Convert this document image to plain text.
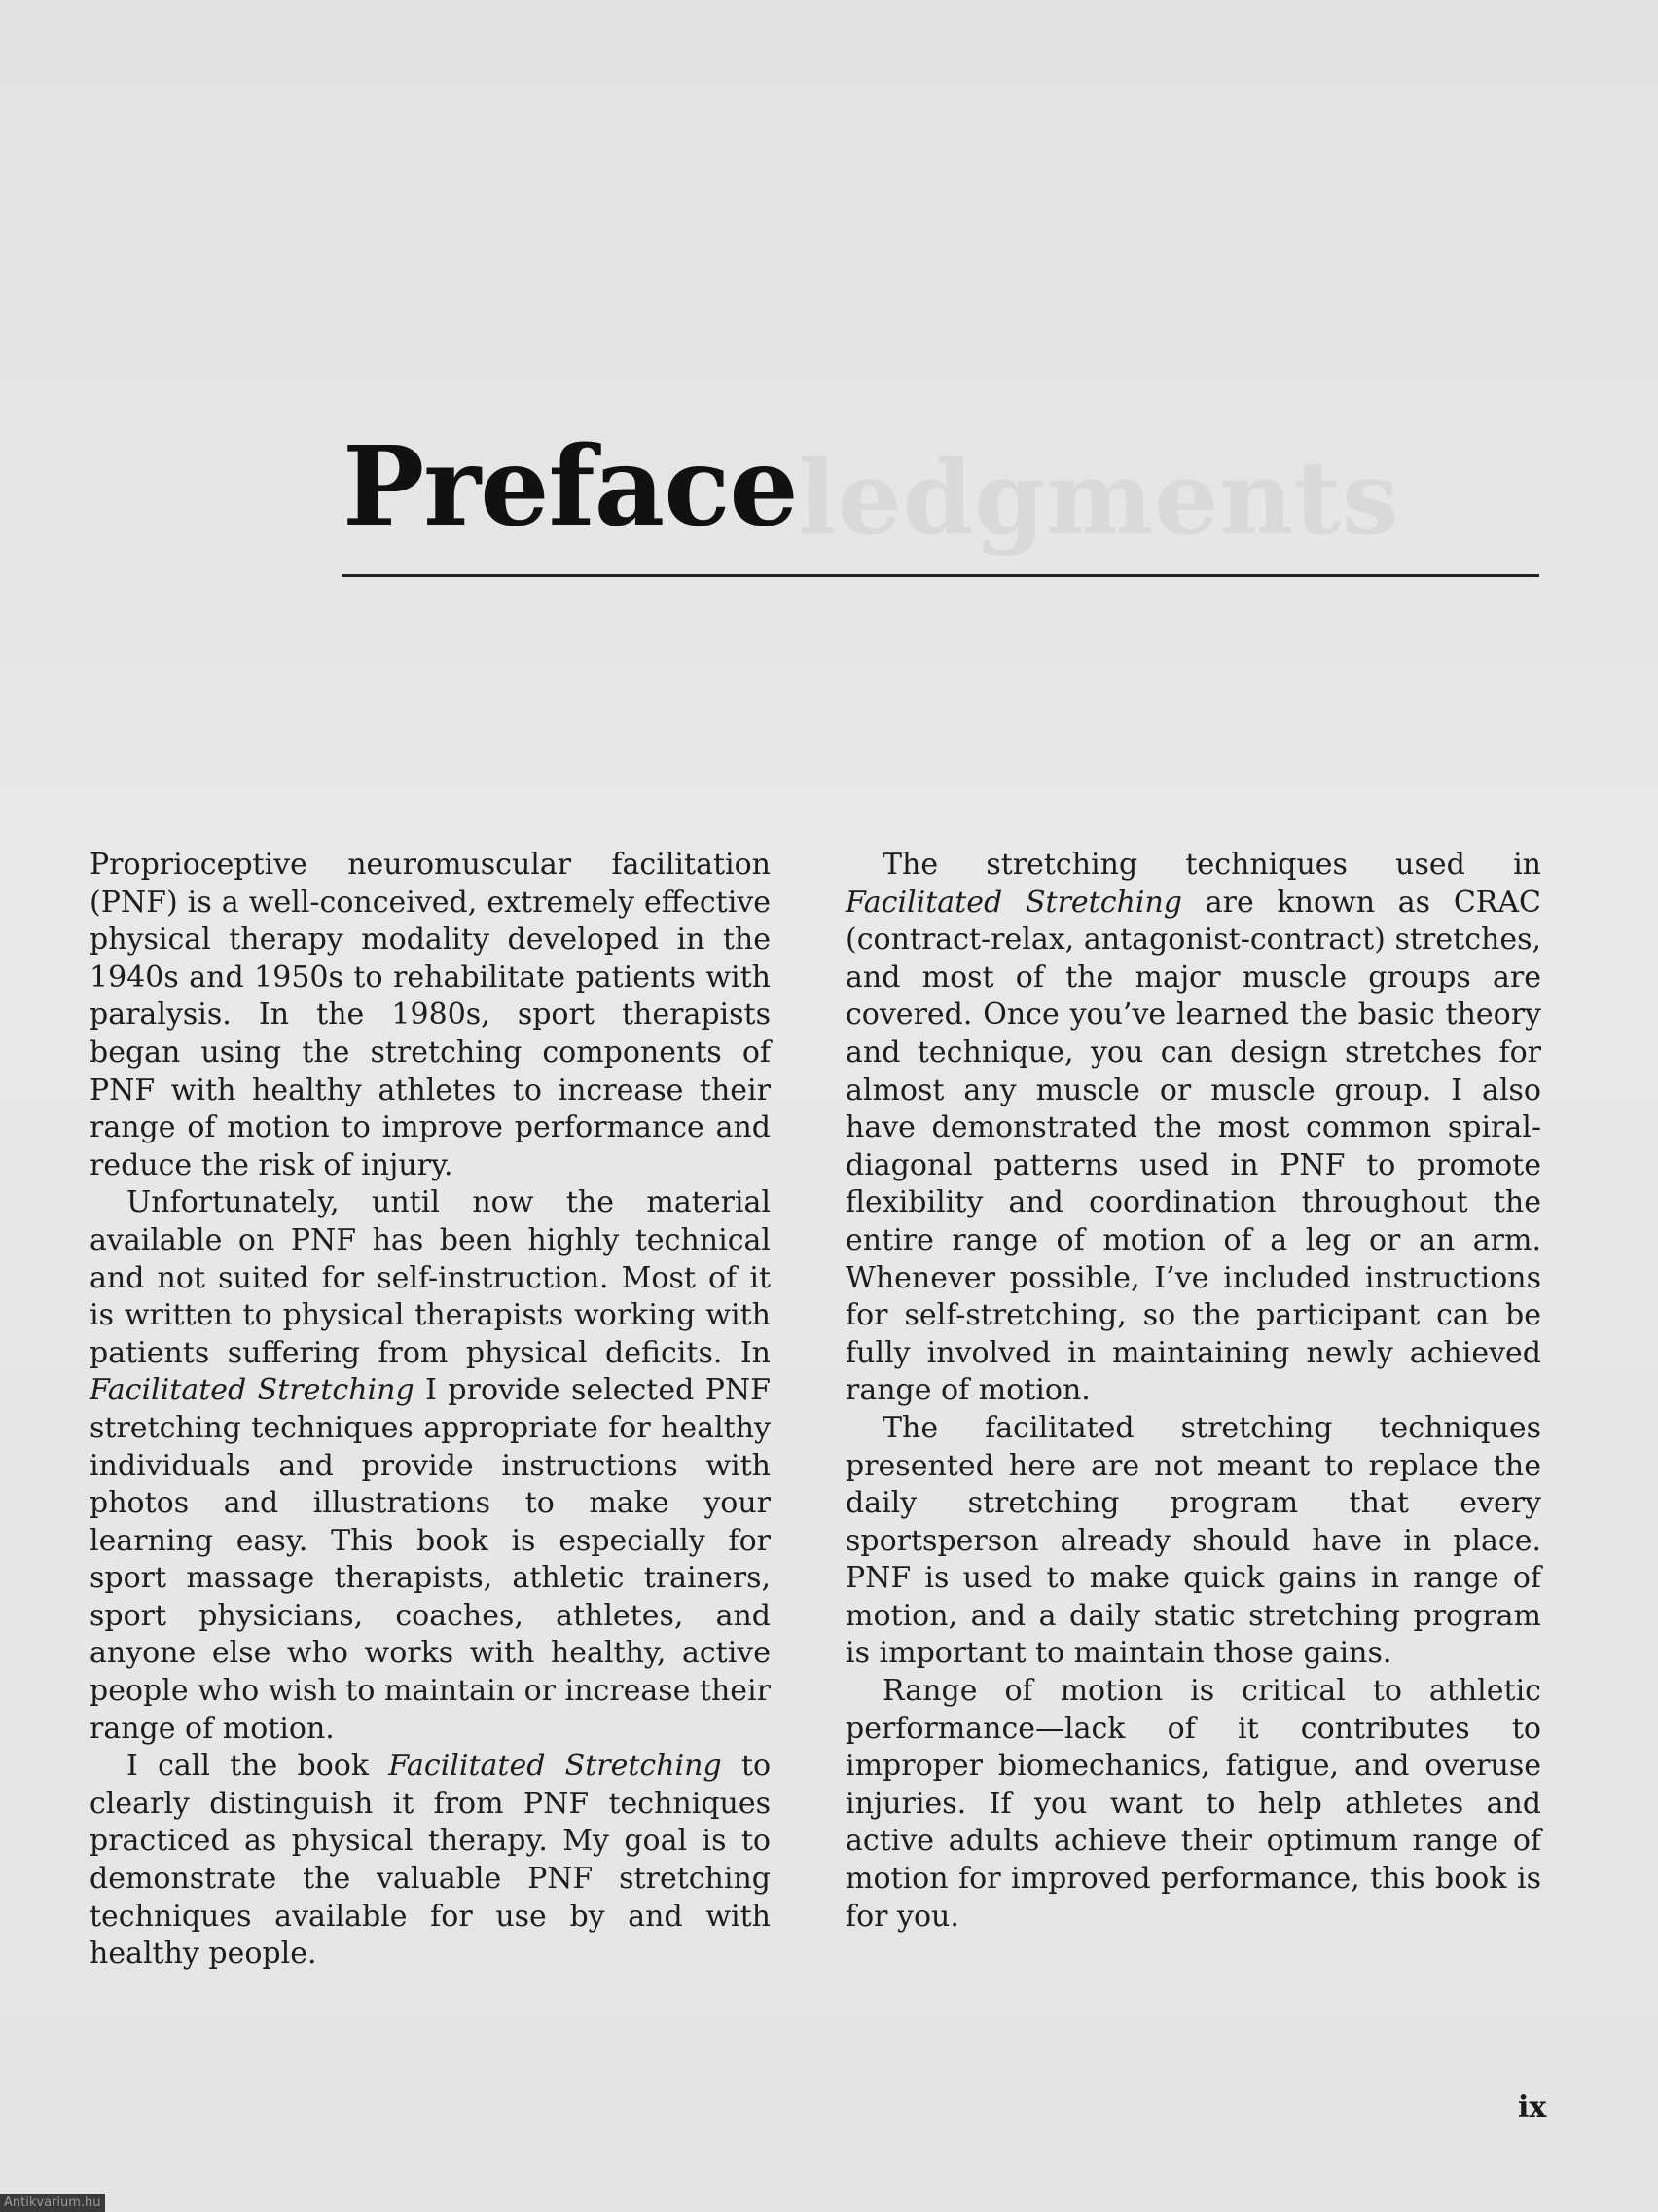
ledgments
Preface

Proprioceptive neuromuscular facilitation (PNF) is a well-conceived, extremely effective physical therapy modality developed in the 1940s and 1950s to rehabilitate patients with paralysis. In the 1980s, sport therapists began using the stretching components of PNF with healthy athletes to increase their range of motion to improve performance and reduce the risk of injury.

Unfortunately, until now the material available on PNF has been highly technical and not suited for self-instruction. Most of it is written to physical therapists working with patients suffering from physical deficits. In Facilitated Stretching I provide selected PNF stretching techniques appropriate for healthy individuals and provide instructions with photos and illustrations to make your learning easy. This book is especially for sport massage therapists, athletic trainers, sport physicians, coaches, athletes, and anyone else who works with healthy, active people who wish to maintain or increase their range of motion.

I call the book Facilitated Stretching to clearly distinguish it from PNF techniques practiced as physical therapy. My goal is to demonstrate the valuable PNF stretching techniques available for use by and with healthy people.

The stretching techniques used in Facilitated Stretching are known as CRAC (contract-relax, antagonist-contract) stretches, and most of the major muscle groups are covered. Once you’ve learned the basic theory and technique, you can design stretches for almost any muscle or muscle group. I also have demonstrated the most common spiral-diagonal patterns used in PNF to promote flexibility and coordination throughout the entire range of motion of a leg or an arm. Whenever possible, I’ve included instructions for self-stretching, so the participant can be fully involved in maintaining newly achieved range of motion.

The facilitated stretching techniques presented here are not meant to replace the daily stretching program that every sportsperson already should have in place. PNF is used to make quick gains in range of motion, and a daily static stretching program is important to maintain those gains.

Range of motion is critical to athletic performance—lack of it contributes to improper biomechanics, fatigue, and overuse injuries. If you want to help athletes and active adults achieve their optimum range of motion for improved performance, this book is for you.

ix
Antikvarium.hu
